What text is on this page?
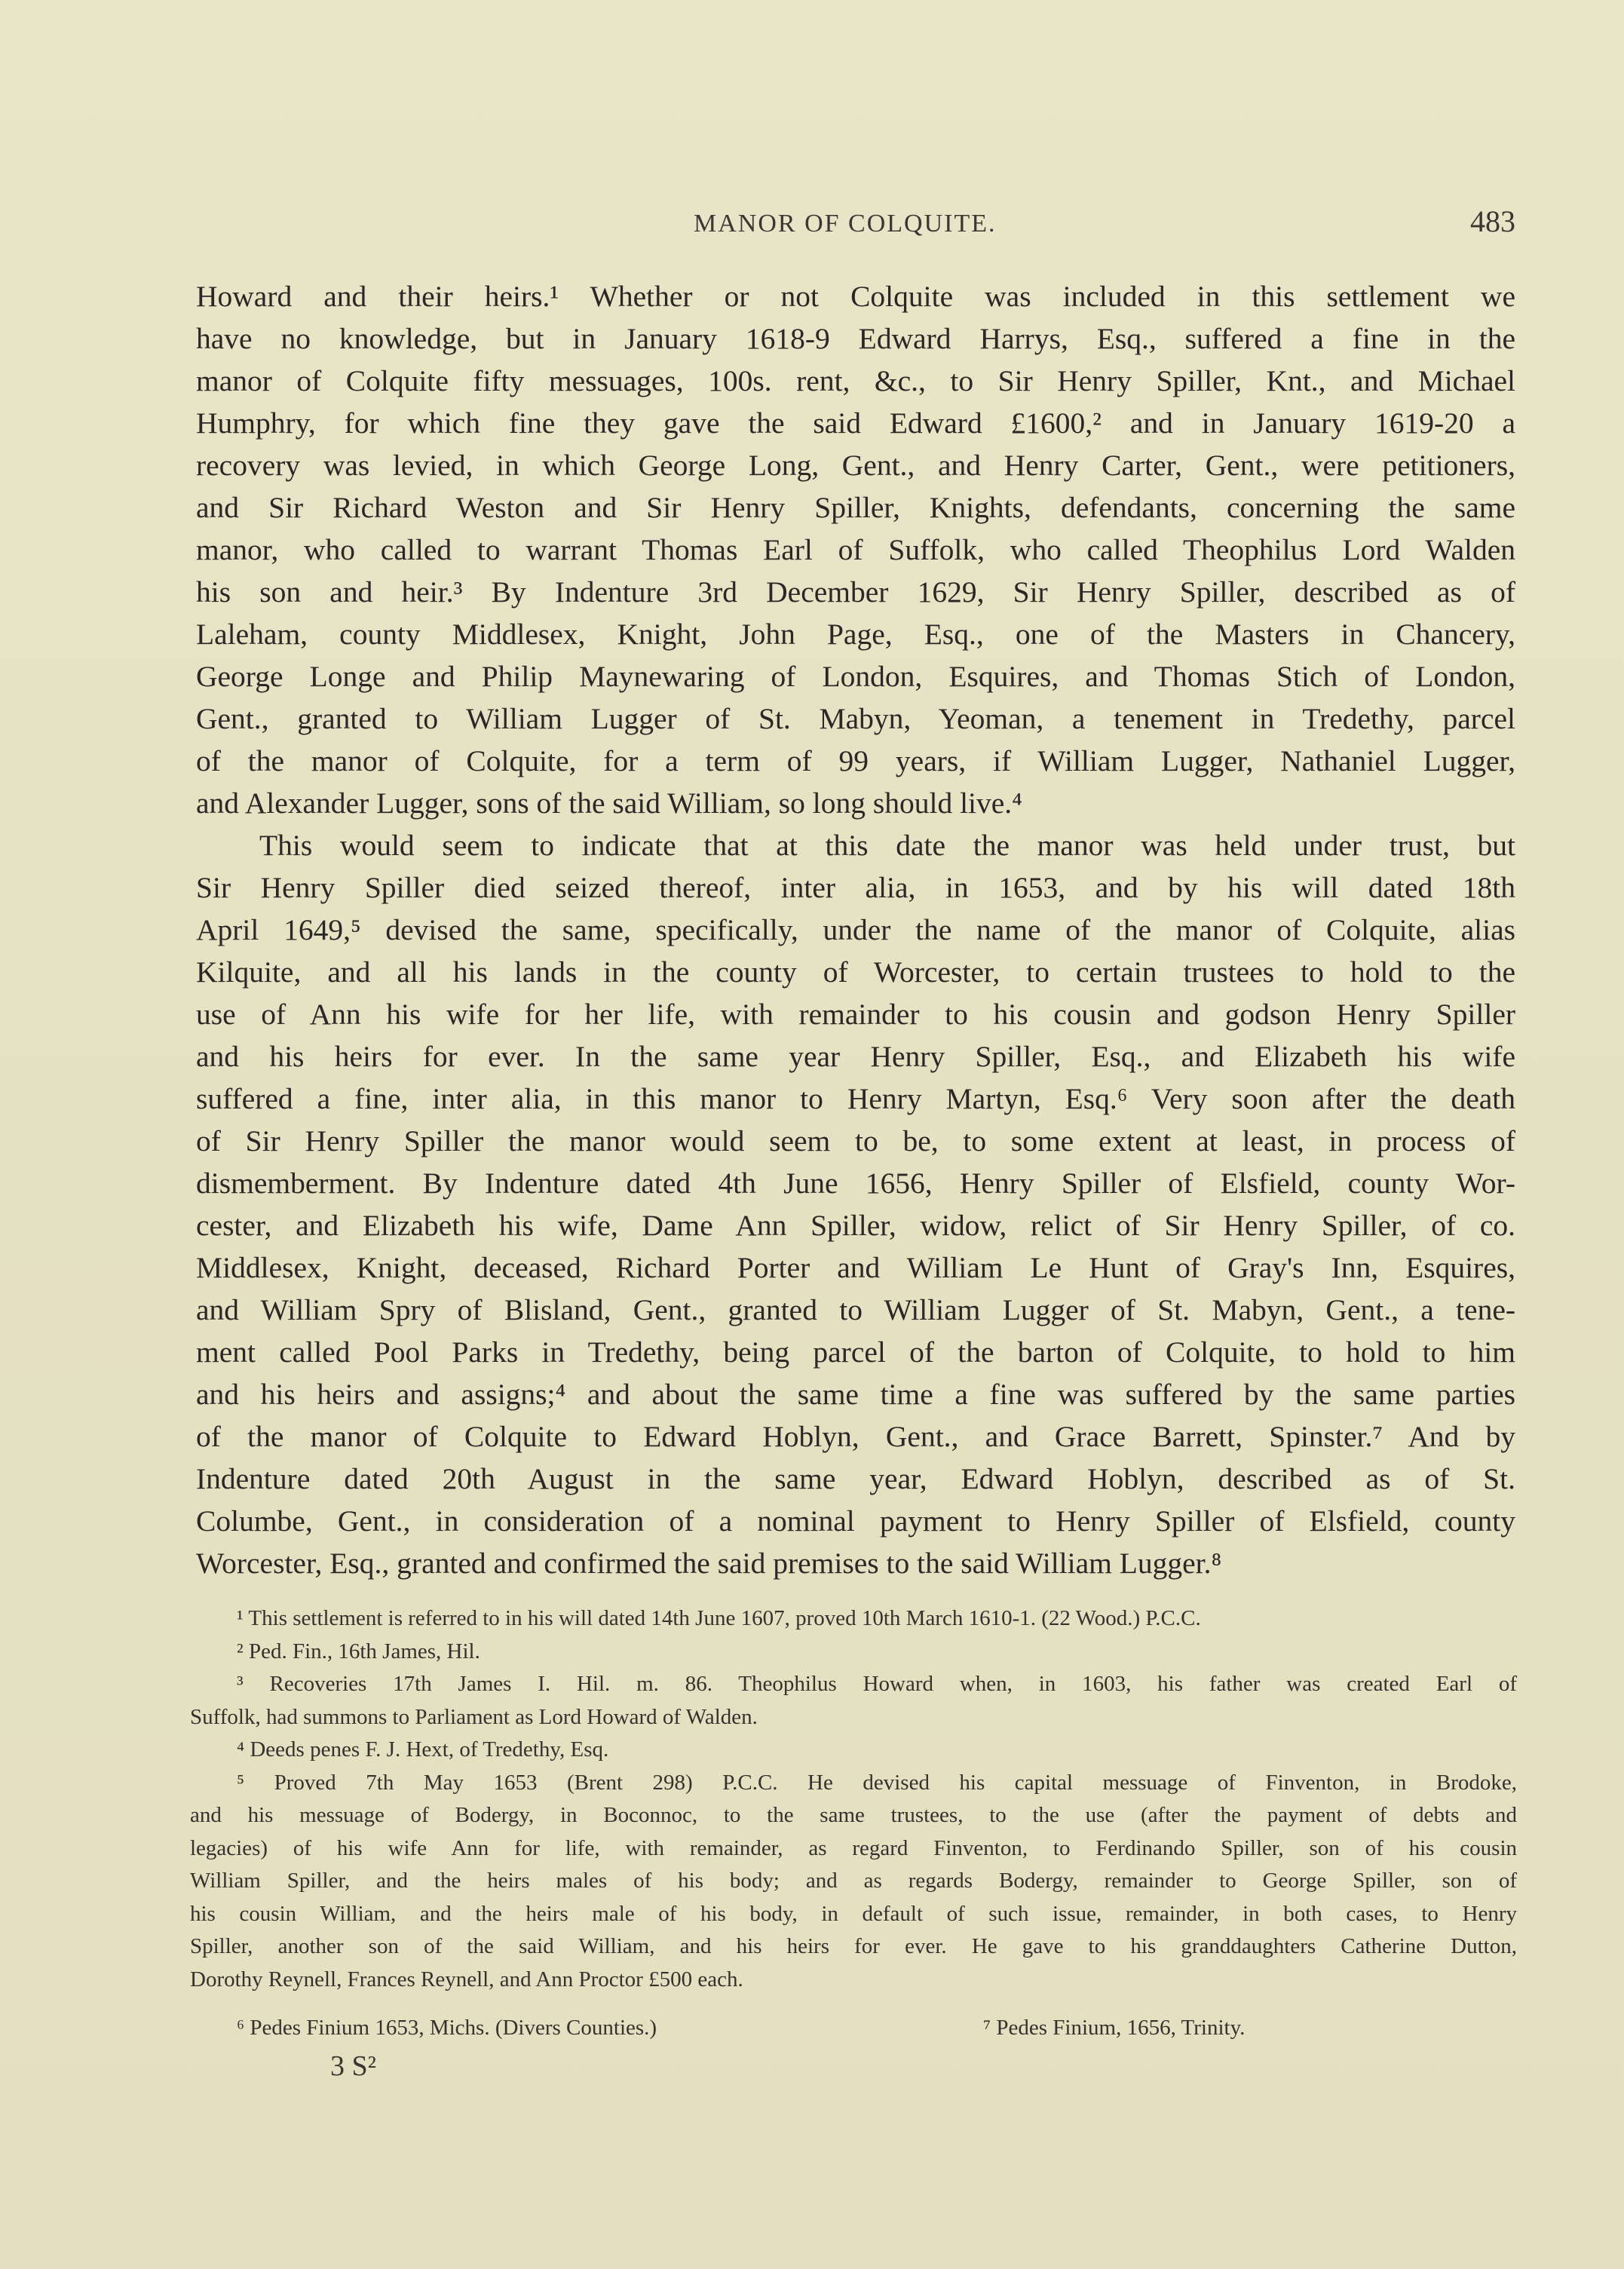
MANOR OF COLQUITE.	483
Howard and their heirs.¹ Whether or not Colquite was included in this settlement we
have no knowledge, but in January 1618-9 Edward Harrys, Esq., suffered a fine in the
manor of Colquite fifty messuages, 100s. rent, &c., to Sir Henry Spiller, Knt., and Michael
Humphry, for which fine they gave the said Edward £1600,² and in January 1619-20 a
recovery was levied, in which George Long, Gent., and Henry Carter, Gent., were petitioners,
and Sir Richard Weston and Sir Henry Spiller, Knights, defendants, concerning the same
manor, who called to warrant Thomas Earl of Suffolk, who called Theophilus Lord Walden
his son and heir.³ By Indenture 3rd December 1629, Sir Henry Spiller, described as of
Laleham, county Middlesex, Knight, John Page, Esq., one of the Masters in Chancery,
George Longe and Philip Maynewaring of London, Esquires, and Thomas Stich of London,
Gent., granted to William Lugger of St. Mabyn, Yeoman, a tenement in Tredethy, parcel
of the manor of Colquite, for a term of 99 years, if William Lugger, Nathaniel Lugger,
and Alexander Lugger, sons of the said William, so long should live.⁴
This would seem to indicate that at this date the manor was held under trust, but
Sir Henry Spiller died seized thereof, inter alia, in 1653, and by his will dated 18th
April 1649,⁵ devised the same, specifically, under the name of the manor of Colquite, alias
Kilquite, and all his lands in the county of Worcester, to certain trustees to hold to the
use of Ann his wife for her life, with remainder to his cousin and godson Henry Spiller
and his heirs for ever. In the same year Henry Spiller, Esq., and Elizabeth his wife
suffered a fine, inter alia, in this manor to Henry Martyn, Esq.⁶ Very soon after the death
of Sir Henry Spiller the manor would seem to be, to some extent at least, in process of
dismemberment. By Indenture dated 4th June 1656, Henry Spiller of Elsfield, county Wor-
cester, and Elizabeth his wife, Dame Ann Spiller, widow, relict of Sir Henry Spiller, of co.
Middlesex, Knight, deceased, Richard Porter and William Le Hunt of Gray's Inn, Esquires,
and William Spry of Blisland, Gent., granted to William Lugger of St. Mabyn, Gent., a tene-
ment called Pool Parks in Tredethy, being parcel of the barton of Colquite, to hold to him
and his heirs and assigns;⁴ and about the same time a fine was suffered by the same parties
of the manor of Colquite to Edward Hoblyn, Gent., and Grace Barrett, Spinster.⁷ And by
Indenture dated 20th August in the same year, Edward Hoblyn, described as of St.
Columbe, Gent., in consideration of a nominal payment to Henry Spiller of Elsfield, county
Worcester, Esq., granted and confirmed the said premises to the said William Lugger.⁸
¹ This settlement is referred to in his will dated 14th June 1607, proved 10th March 1610-1. (22 Wood.) P.C.C.
² Ped. Fin., 16th James, Hil.
³ Recoveries 17th James I. Hil. m. 86. Theophilus Howard when, in 1603, his father was created Earl of
Suffolk, had summons to Parliament as Lord Howard of Walden.
⁴ Deeds penes F. J. Hext, of Tredethy, Esq.
⁵ Proved 7th May 1653 (Brent 298) P.C.C. He devised his capital messuage of Finventon, in Brodoke,
and his messuage of Bodergy, in Boconnoc, to the same trustees, to the use (after the payment of debts and
legacies) of his wife Ann for life, with remainder, as regard Finventon, to Ferdinando Spiller, son of his cousin
William Spiller, and the heirs males of his body; and as regards Bodergy, remainder to George Spiller, son of
his cousin William, and the heirs male of his body, in default of such issue, remainder, in both cases, to Henry
Spiller, another son of the said William, and his heirs for ever. He gave to his granddaughters Catherine Dutton,
Dorothy Reynell, Frances Reynell, and Ann Proctor £500 each.
⁶ Pedes Finium 1653, Michs. (Divers Counties.)	⁷ Pedes Finium, 1656, Trinity.
3 S²
